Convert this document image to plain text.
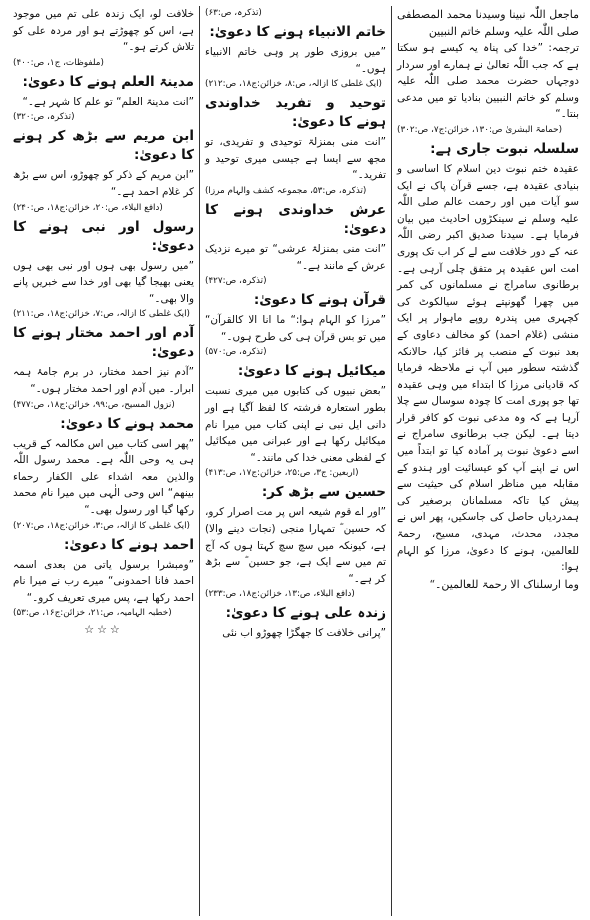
ماجعل اللّٰہ نبینا وسیدنا محمد المصطفی صلی اللّٰہ علیہ وسلم خاتم النبیین

ترجمہ: ”خدا کی پناہ یہ کیسے ہو سکتا ہے کہ جب اللّٰہ تعالیٰ نے ہمارے اور سردار دوجہاں حضرت محمد صلی اللّٰہ علیہ وسلم کو خاتم النبیین بنادیا تو میں مدعی بنتا۔“

(حمامۃ البشریٰ ص:۱۳۰، خزائن:ج۷، ص:۳۰۲)

سلسلہ نبوت جاری ہے:

عقیدہ ختم نبوت دین اسلام کا اساسی و بنیادی عقیدہ ہے، جسے قرآن پاک نے ایک سو آیات میں اور رحمت عالم صلی اللّٰہ علیہ وسلم نے سینکڑوں احادیث میں بیان فرمایا ہے۔ سیدنا صدیق اکبر رضی اللّٰہ عنہ کے دور خلافت سے لے کر اب تک پوری امت اس عقیدہ پر متفق چلی آرہی ہے۔ برطانوی سامراج نے مسلمانوں کی کمر میں چھرا گھونپتے ہوئے سیالکوٹ کی کچہری میں پندرہ روپے ماہوار پر ایک منشی (غلام احمد) کو مخالف دعاوی کے بعد نبوت کے منصب پر فائز کیا، حالانکہ گذشتہ سطور میں آپ نے ملاحظہ فرمایا کہ قادیانی مرزا کا ابتداء میں وہی عقیدہ تھا جو پوری امت کا چودہ سوسال سے چلا آرہا ہے کہ وہ مدعی نبوت کو کافر قرار دیتا ہے۔ لیکن جب برطانوی سامراج نے اسے دعویٰ نبوت پر آمادہ کیا تو ابتداً میں اس نے اپنے آپ کو عیسائیت اور ہندو کے مقابلہ میں مناظر اسلام کی حیثیت سے پیش کیا تاکہ مسلمانان برصغیر کی ہمدردیاں حاصل کی جاسکیں، پھر اس نے مجدد، محدث، مہدی، مسیح، رحمۃ للعالمین، ہونے کا دعویٰ، مرزا کو الہام ہوا:

وما ارسلناک الا رحمۃ للعالمین۔“

(تذکرہ، ص:۶۳)

خاتم الانبیاء ہونے کا دعویٰ:

”میں بروزی طور پر وہی خاتم الانبیاء ہوں۔“

(ایک غلطی کا ازالہ، ص:۸، خزائن:ج۱۸، ص:۲۱۲)

توحید و تفرید خداوندی ہونے کا دعویٰ:

”انت منی بمنزلۃ توحیدی و تفریدی، تو مجھ سے ایسا ہے جیسی میری توحید و تفرید۔“

(تذکرہ، ص:۵۳، مجموعہ کشف والہام مرزا)

عرش خداوندی ہونے کا دعویٰ:

”انت منی بمنزلۃ عرشی“ تو میرے نزدیک عرش کے مانند ہے۔“

(تذکرہ، ص:۴۲۷)

قرآن ہونے کا دعویٰ:

”مرزا کو الہام ہوا:“ ما انا الا کالقرآن“ میں تو بس قرآن ہی کی طرح ہوں۔“

(تذکرہ، ص:۵۷۰)

میکائیل ہونے کا دعویٰ:

”بعض نبیوں کی کتابوں میں میری نسبت بطور استعارہ فرشتہ کا لفظ آگیا ہے اور دانی ایل نبی نے اپنی کتاب میں میرا نام میکائیل رکھا ہے اور عبرانی میں میکائیل کے لفظی معنی خدا کی مانند۔“

(اربعین: ج۳، ص:۲۵، خزائن:ج۱۷، ص:۴۱۳)

حسین سے بڑھ کر:

”اور اے قوم شیعہ اس پر مت اصرار کرو، کہ حسین ؓ تمہارا منجی (نجات دینے والا) ہے، کیونکہ میں سچ سچ کہتا ہوں کہ آج تم میں سے ایک ہے، جو حسین ؓ سے بڑھ کر ہے۔“

(دافع البلاء، ص:۱۳، خزائن:ج۱۸، ص:۲۳۳)

زندہ علی ہونے کا دعویٰ:

”پرانی خلافت کا جھگڑا چھوڑو اب نئی

خلافت لو، ایک زندہ علی تم میں موجود ہے، اس کو چھوڑتے ہو اور مردہ علی کو تلاش کرتے ہو۔“

(ملفوظات، ج۱، ص:۴۰۰)

مدینۃ العلم ہونے کا دعویٰ:

”انت مدینۃ العلم“ تو علم کا شہر ہے۔“

(تذکرہ، ص:۳۲۰)

ابن مریم سے بڑھ کر ہونے کا دعویٰ:

”ابن مریم کے ذکر کو چھوڑو، اس سے بڑھ کر غلام احمد ہے۔“

(دافع البلاء، ص:۲۰، خزائن:ج۱۸، ص:۲۴۰)

رسول اور نبی ہونے کا دعویٰ:

”میں رسول بھی ہوں اور نبی بھی ہوں یعنی بھیجا گیا بھی اور خدا سے خبریں پانے والا بھی۔“

(ایک غلطی کا ازالہ، ص:۷، خزائن:ج۱۸، ص:۲۱۱)

آدم اور احمد مختار ہونے کا دعویٰ:

”آدم نیز احمد مختار، در برم جامۂ ہمہ ابرار۔ میں آدم اور احمد مختار ہوں۔“

(نزول المسیح، ص:۹۹، خزائن:ج۱۸، ص:۴۷۷)

محمد ہونے کا دعویٰ:

”پھر اسی کتاب میں اس مکالمہ کے قریب ہی یہ وحی اللّٰہ ہے۔ محمد رسول اللّٰہ والذین معہ اشداء علی الکفار رحماء بینھم“ اس وحی الٰہی میں میرا نام محمد رکھا گیا اور رسول بھی۔“

(ایک غلطی کا ازالہ، ص:۳، خزائن:ج۱۸، ص:۲۰۷)

احمد ہونے کا دعویٰ:

”ومبشرا برسول یاتی من بعدی اسمہ احمد فانا احمدونی“ میرے رب نے میرا نام احمد رکھا ہے، پس میری تعریف کرو۔“

(خطبہ الہامیہ، ص:۲۱، خزائن:ج۱۶، ص:۵۳)

☆☆☆
